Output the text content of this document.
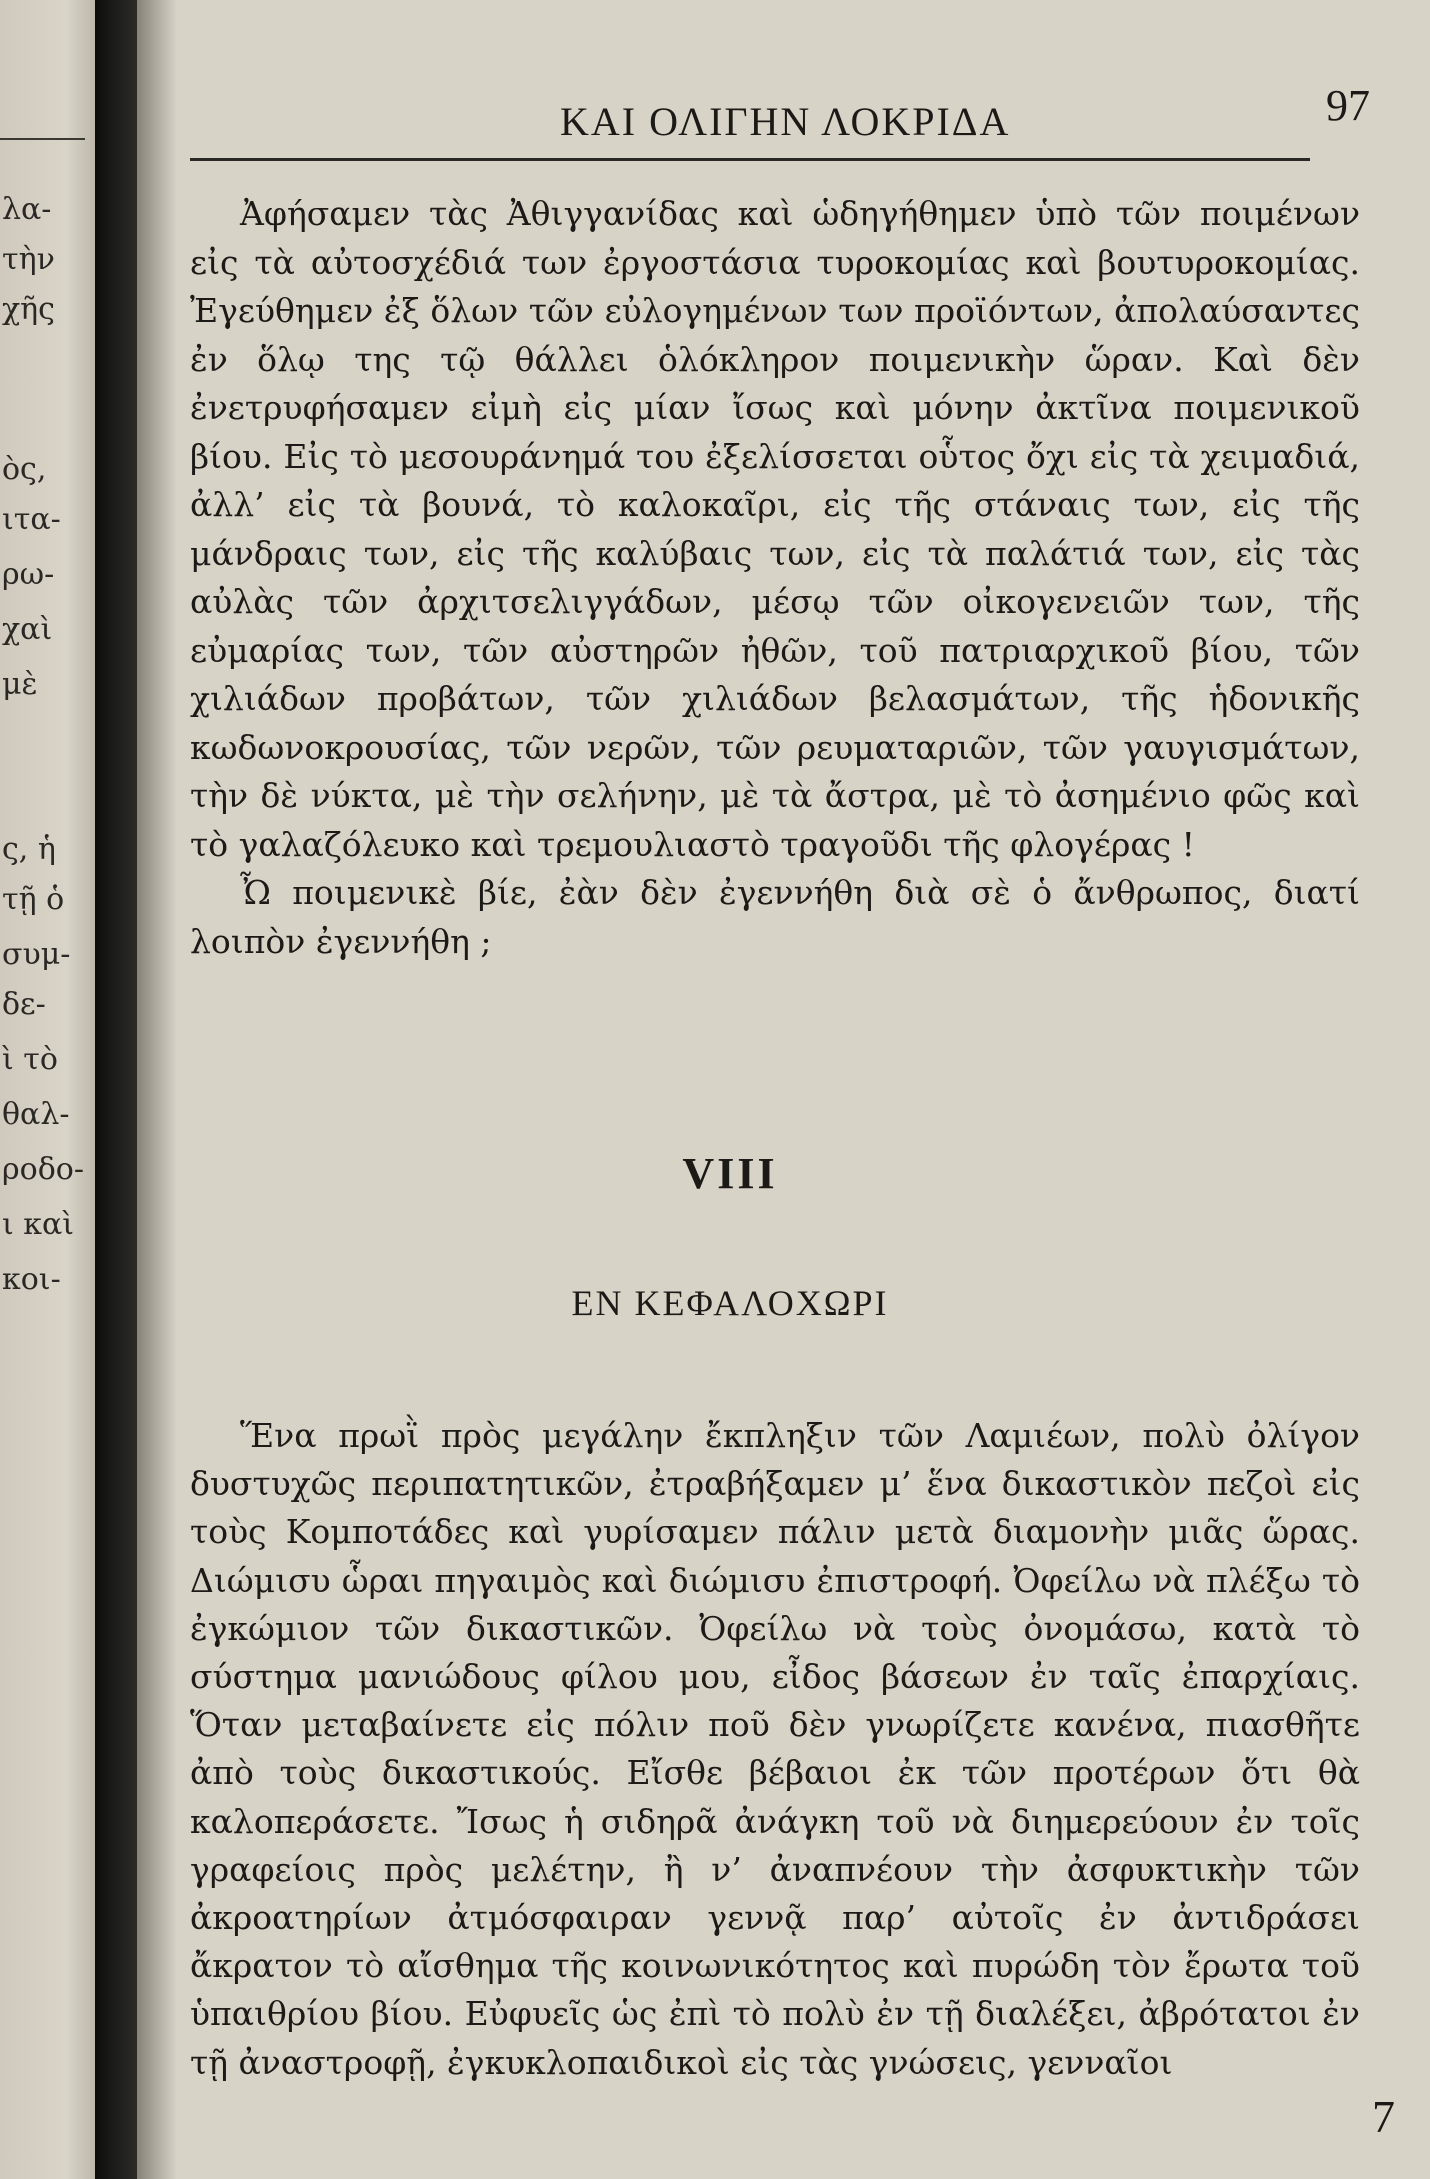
λα-
τὴν
χῆς
ὸς,
ιτα-
ρω-
χαὶ
μὲ
ς, ἡ
τῇ ὁ
συμ-
δε-
ὶ τὸ
θαλ-
ροδο-
ι καὶ
κοι-
ΚΑΙ ΟΛΙΓΗΝ ΛΟΚΡΙΔΑ	97

Ἀφήσαμεν τὰς Ἀθιγγανίδας καὶ ὡδηγήθημεν ὑπὸ τῶν ποιμένων εἰς τὰ αὐτοσχέδιά των ἐργοστάσια τυροκομίας καὶ βουτυροκομίας. Ἐγεύθημεν ἐξ ὅλων τῶν εὐλογημένων των προϊόντων, ἀπολαύσαντες ἐν ὅλῳ της τῷ θάλλει ὁλόκληρον ποιμενικὴν ὥραν. Καὶ δὲν ἐνετρυφήσαμεν εἰμὴ εἰς μίαν ἴσως καὶ μόνην ἀκτῖνα ποιμενικοῦ βίου. Εἰς τὸ μεσουράνημά του ἐξελίσσεται οὗτος ὄχι εἰς τὰ χειμαδιά, ἀλλ’ εἰς τὰ βουνά, τὸ καλοκαῖρι, εἰς τῆς στάναις των, εἰς τῆς μάνδραις των, εἰς τῆς καλύβαις των, εἰς τὰ παλάτιά των, εἰς τὰς αὐλὰς τῶν ἀρχιτσελιγγάδων, μέσῳ τῶν οἰκογενειῶν των, τῆς εὐμαρίας των, τῶν αὐστηρῶν ἠθῶν, τοῦ πατριαρχικοῦ βίου, τῶν χιλιάδων προβάτων, τῶν χιλιάδων βελασμάτων, τῆς ἡδονικῆς κωδωνοκρουσίας, τῶν νερῶν, τῶν ρευματαριῶν, τῶν γαυγισμάτων, τὴν δὲ νύκτα, μὲ τὴν σελήνην, μὲ τὰ ἄστρα, μὲ τὸ ἀσημένιο φῶς καὶ τὸ γαλαζόλευκο καὶ τρεμουλιαστὸ τραγοῦδι τῆς φλογέρας !

Ὦ ποιμενικὲ βίε, ἐὰν δὲν ἐγεννήθη διὰ σὲ ὁ ἄνθρωπος, διατί λοιπὸν ἐγεννήθη ;

VIII
ΕΝ ΚΕΦΑΛΟΧΩΡΙ

Ἕνα πρωῒ πρὸς μεγάλην ἔκπληξιν τῶν Λαμιέων, πολὺ ὀλίγον δυστυχῶς περιπατητικῶν, ἐτραβήξαμεν μ’ ἕνα δικαστικὸν πεζοὶ εἰς τοὺς Κομποτάδες καὶ γυρίσαμεν πάλιν μετὰ διαμονὴν μιᾶς ὥρας. Διώμισυ ὧραι πηγαιμὸς καὶ διώμισυ ἐπιστροφή. Ὀφείλω νὰ πλέξω τὸ ἐγκώμιον τῶν δικαστικῶν. Ὀφείλω νὰ τοὺς ὀνομάσω, κατὰ τὸ σύστημα μανιώδους φίλου μου, εἶδος βάσεων ἐν ταῖς ἐπαρχίαις. Ὅταν μεταβαίνετε εἰς πόλιν ποῦ δὲν γνωρίζετε κανένα, πιασθῆτε ἀπὸ τοὺς δικαστικούς. Εἴσθε βέβαιοι ἐκ τῶν προτέρων ὅτι θὰ καλοπεράσετε. Ἴσως ἡ σιδηρᾶ ἀνάγκη τοῦ νὰ διημερεύουν ἐν τοῖς γραφείοις πρὸς μελέτην, ἢ ν’ ἀναπνέουν τὴν ἀσφυκτικὴν τῶν ἀκροατηρίων ἀτμόσφαιραν γεννᾷ παρ’ αὐτοῖς ἐν ἀντιδράσει ἄκρατον τὸ αἴσθημα τῆς κοινωνικότητος καὶ πυρώδη τὸν ἔρωτα τοῦ ὑπαιθρίου βίου. Εὐφυεῖς ὡς ἐπὶ τὸ πολὺ ἐν τῇ διαλέξει, ἀβρότατοι ἐν τῇ ἀναστροφῇ, ἐγκυκλοπαιδικοὶ εἰς τὰς γνώσεις, γενναῖοι

7
